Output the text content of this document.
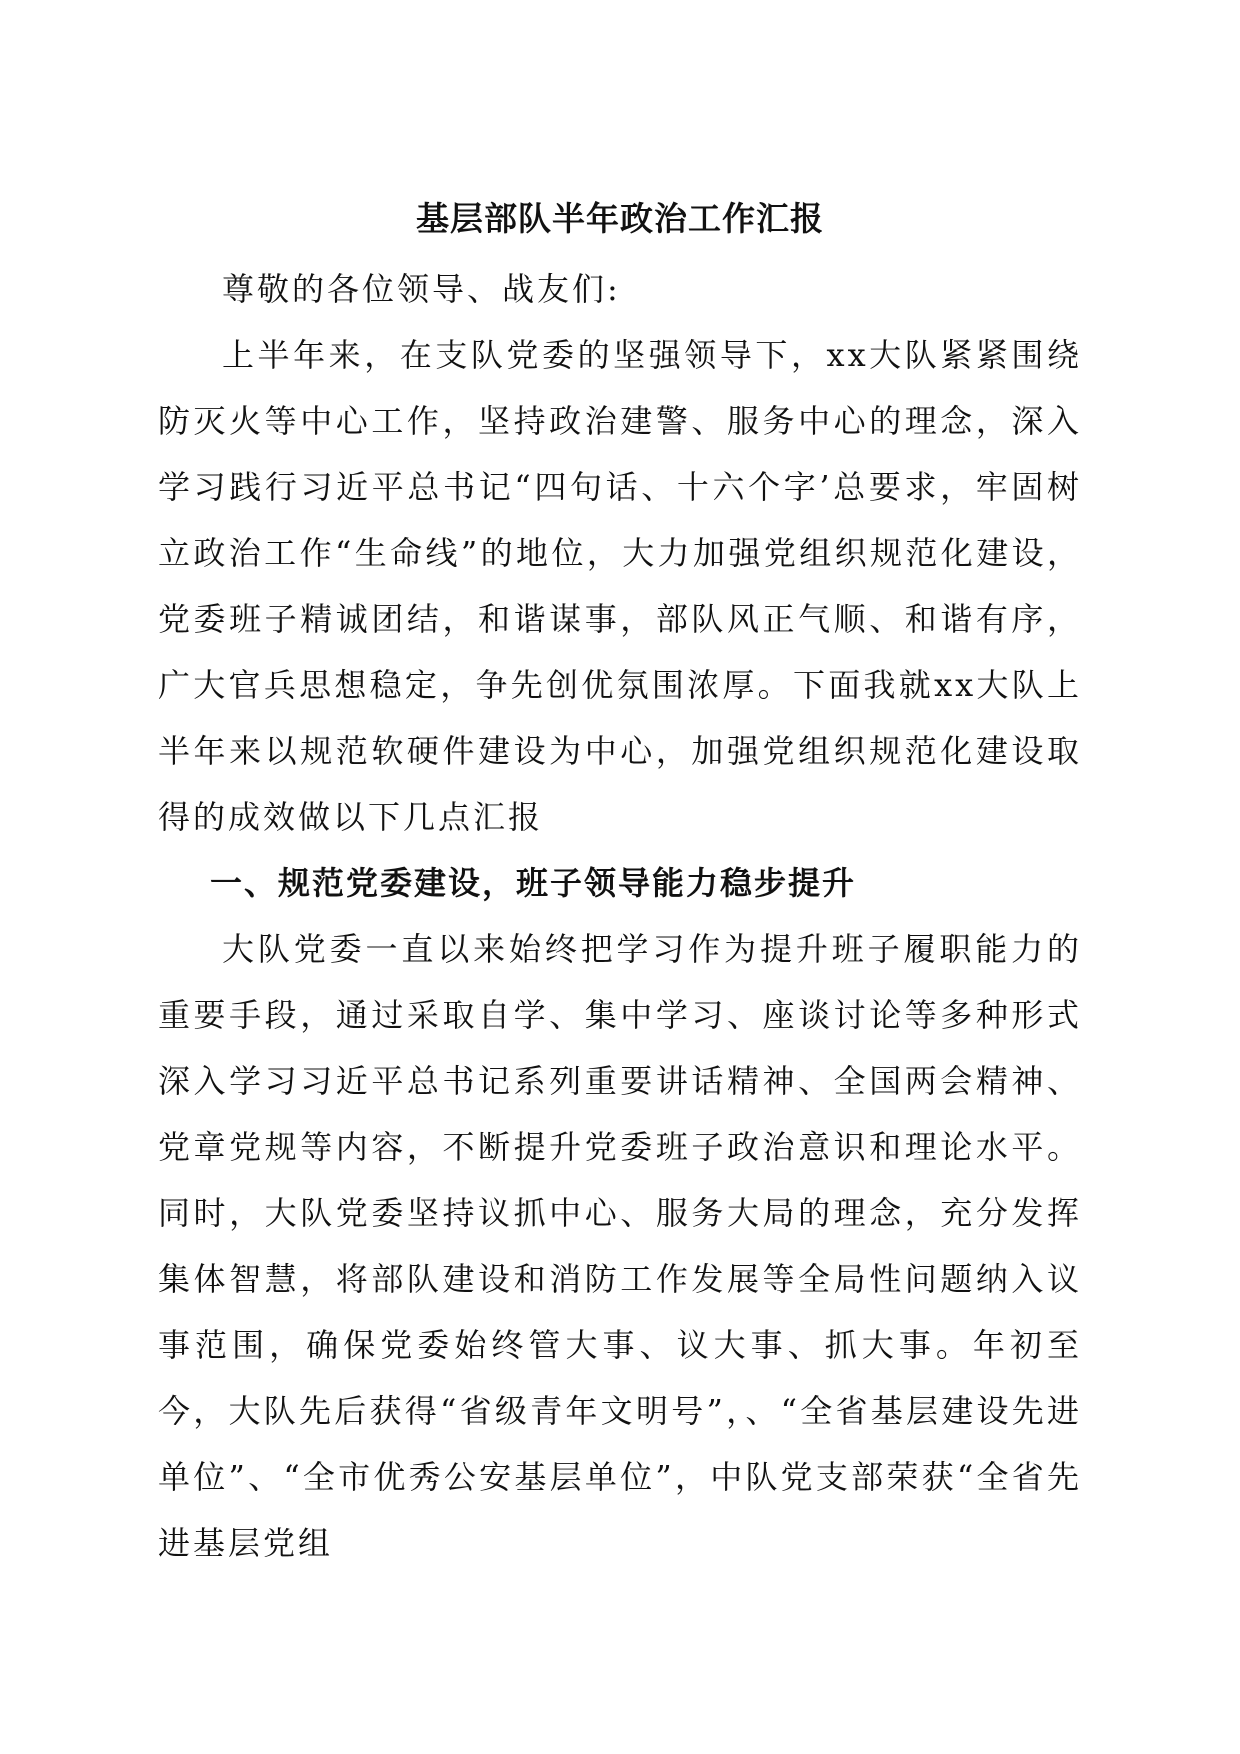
基层部队半年政治工作汇报

尊敬的各位领导、战友们:

上半年来，在支队党委的坚强领导下，xx大队紧紧围绕防灭火等中心工作，坚持政治建警、服务中心的理念，深入学习践行习近平总书记“四句话、十六个字’总要求，牢固树立政治工作“生命线”的地位，大力加强党组织规范化建设，党委班子精诚团结，和谐谋事，部队风正气顺、和谐有序，广大官兵思想稳定，争先创优氛围浓厚。下面我就xx大队上半年来以规范软硬件建设为中心，加强党组织规范化建设取得的成效做以下几点汇报

一、规范党委建设，班子领导能力稳步提升

大队党委一直以来始终把学习作为提升班子履职能力的重要手段，通过采取自学、集中学习、座谈讨论等多种形式深入学习习近平总书记系列重要讲话精神、全国两会精神、党章党规等内容，不断提升党委班子政治意识和理论水平。同时，大队党委坚持议抓中心、服务大局的理念，充分发挥集体智慧，将部队建设和消防工作发展等全局性问题纳入议事范围，确保党委始终管大事、议大事、抓大事。年初至今，大队先后获得“省级青年文明号”，、“全省基层建设先进单位”、“全市优秀公安基层单位”，中队党支部荣获“全省先进基层党组
